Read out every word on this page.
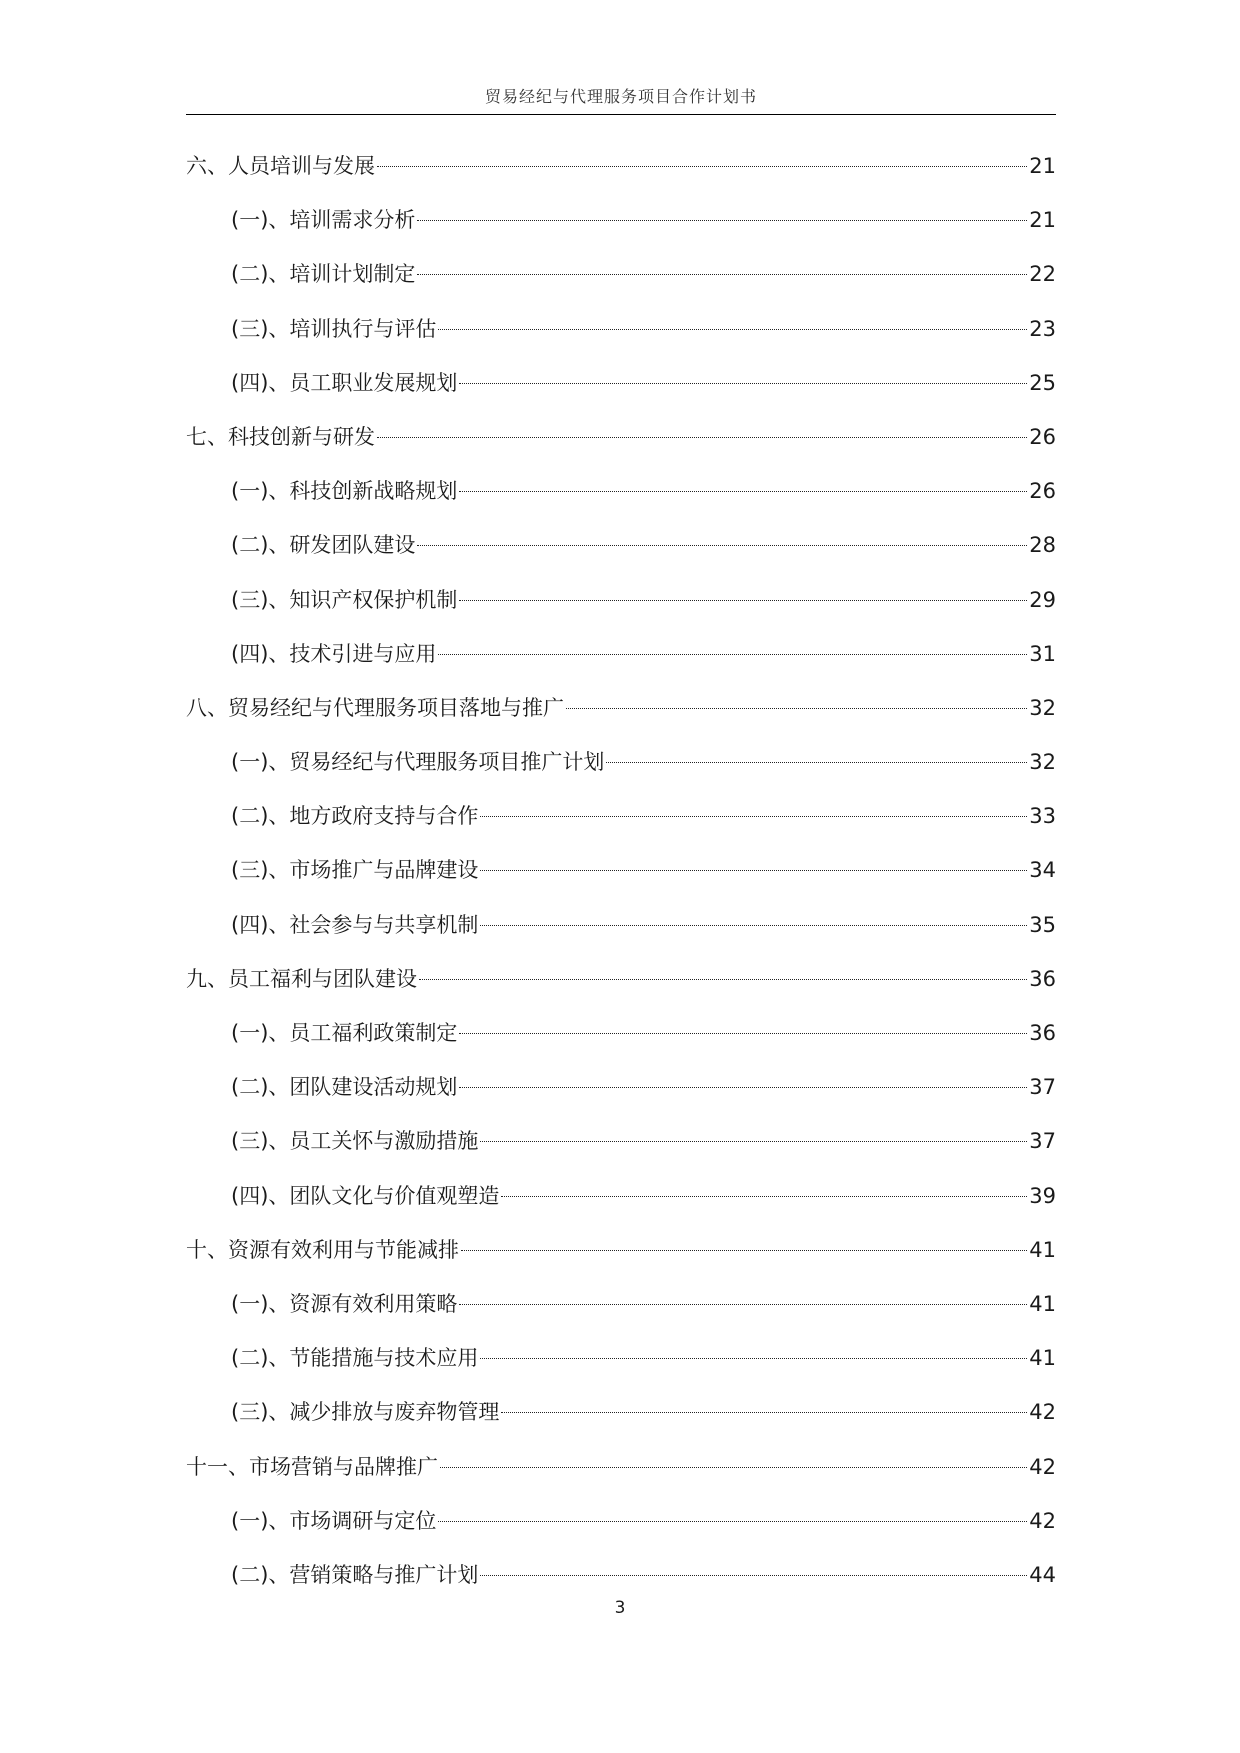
贸易经纪与代理服务项目合作计划书
六、人员培训与发展	21
(一)、培训需求分析	21
(二)、培训计划制定	22
(三)、培训执行与评估	23
(四)、员工职业发展规划	25
七、科技创新与研发	26
(一)、科技创新战略规划	26
(二)、研发团队建设	28
(三)、知识产权保护机制	29
(四)、技术引进与应用	31
八、贸易经纪与代理服务项目落地与推广	32
(一)、贸易经纪与代理服务项目推广计划	32
(二)、地方政府支持与合作	33
(三)、市场推广与品牌建设	34
(四)、社会参与与共享机制	35
九、员工福利与团队建设	36
(一)、员工福利政策制定	36
(二)、团队建设活动规划	37
(三)、员工关怀与激励措施	37
(四)、团队文化与价值观塑造	39
十、资源有效利用与节能减排	41
(一)、资源有效利用策略	41
(二)、节能措施与技术应用	41
(三)、减少排放与废弃物管理	42
十一、市场营销与品牌推广	42
(一)、市场调研与定位	42
(二)、营销策略与推广计划	44
3
